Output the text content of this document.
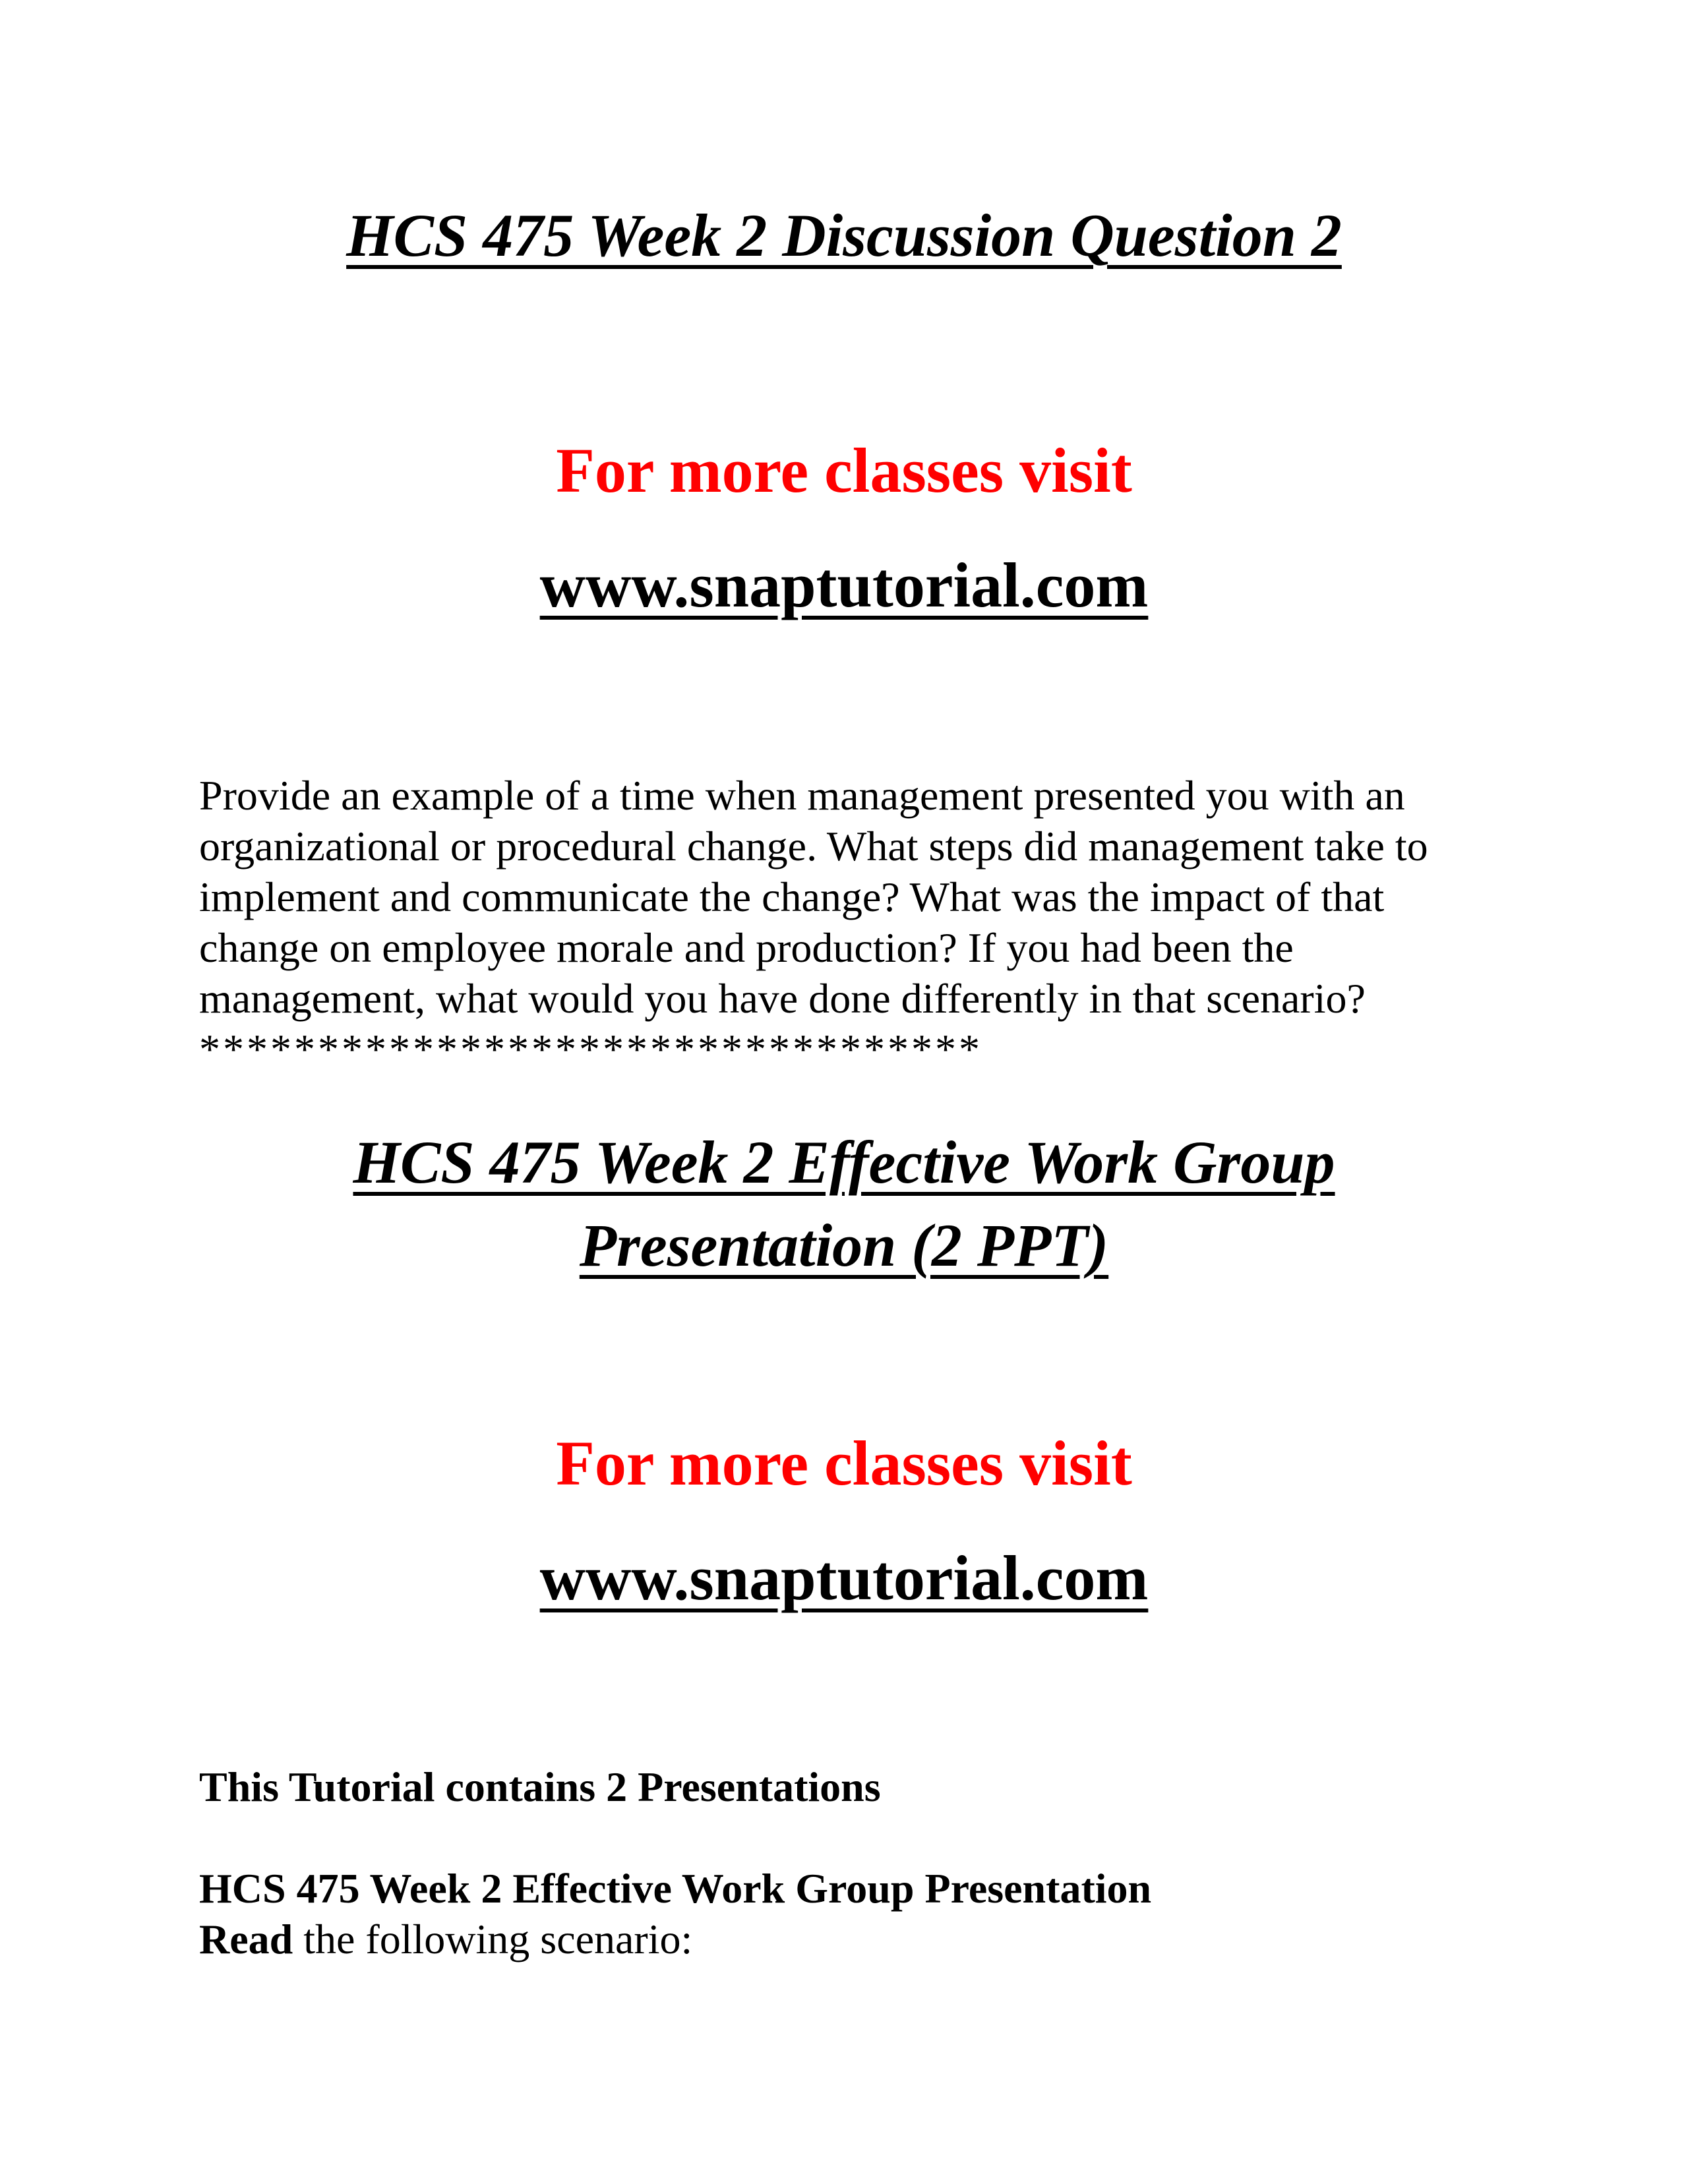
HCS 475 Week 2 Discussion Question 2

For more classes visit

www.snaptutorial.com

Provide an example of a time when management presented you with an
organizational or procedural change. What steps did management take to
implement and communicate the change? What was the impact of that
change on employee morale and production? If you had been the
management, what would you have done differently in that scenario?
*********************************
HCS 475 Week 2 Effective Work Group
Presentation (2 PPT)

For more classes visit

www.snaptutorial.com

This Tutorial contains 2 Presentations

HCS 475 Week 2 Effective Work Group Presentation

Read the following scenario:
